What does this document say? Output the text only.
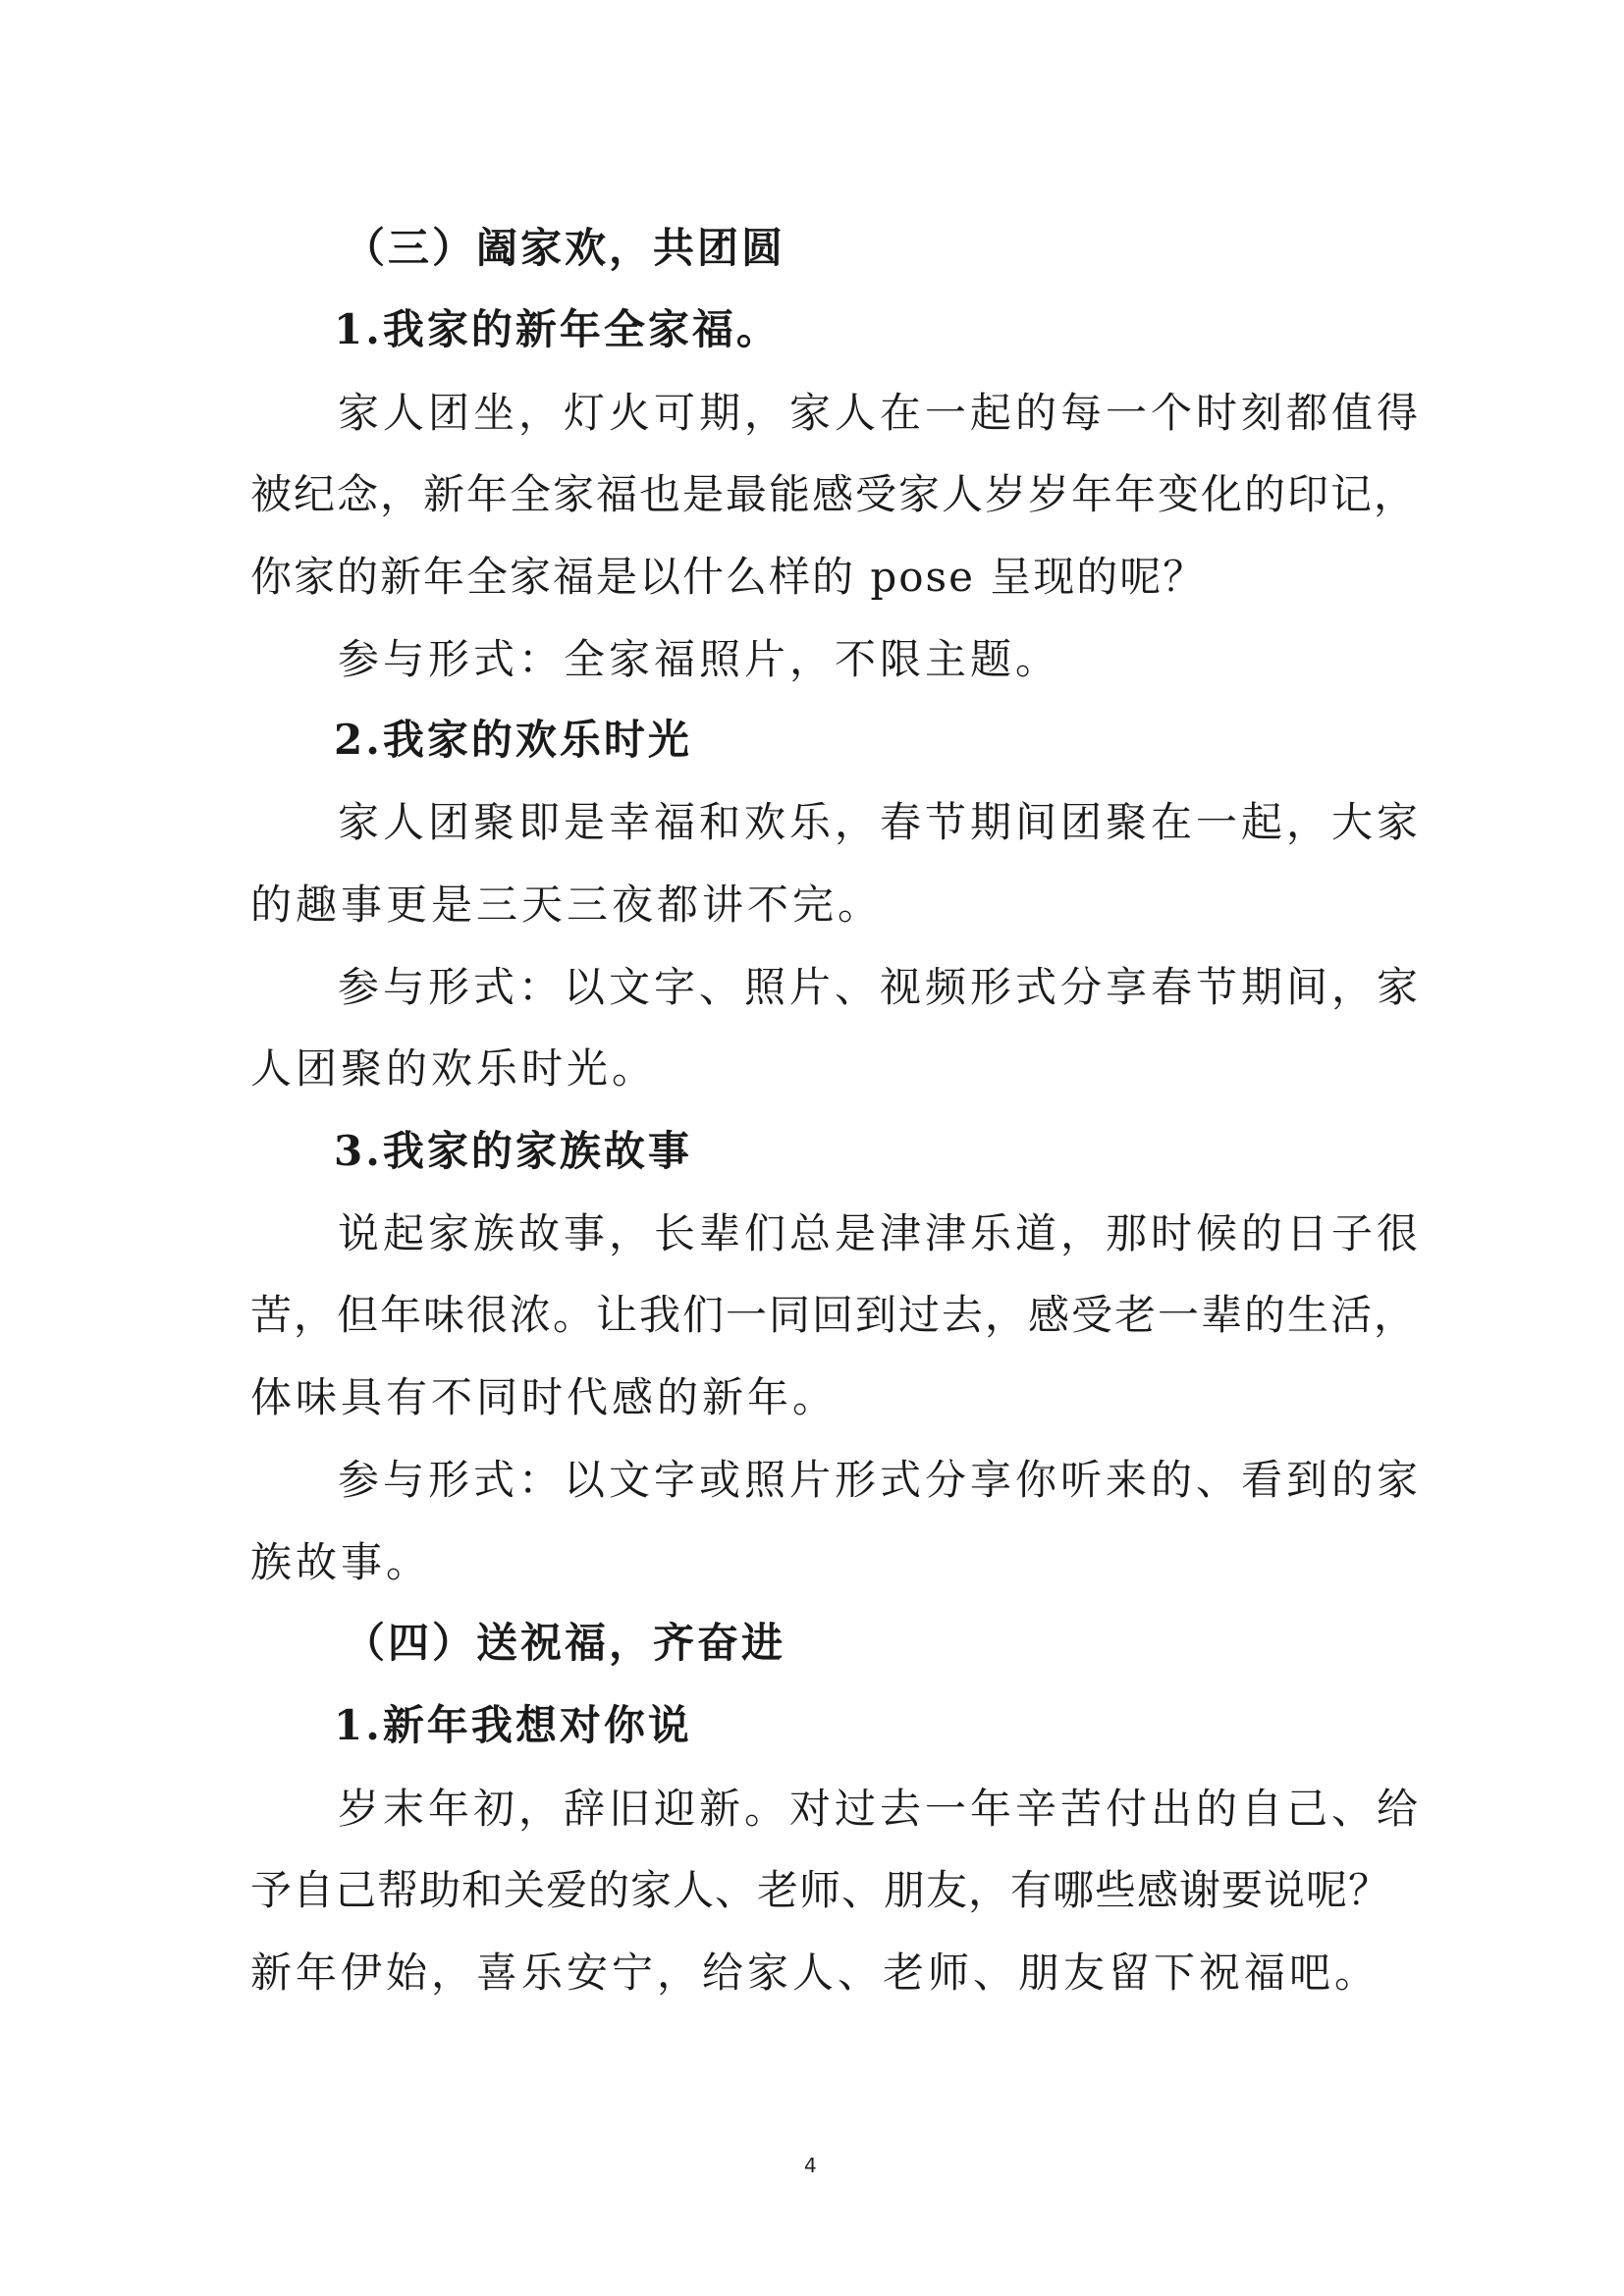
（三）阖家欢，共团圆
1.我家的新年全家福。
家人团坐，灯火可期，家人在一起的每一个时刻都值得
被纪念，新年全家福也是最能感受家人岁岁年年变化的印记，
你家的新年全家福是以什么样的 pose 呈现的呢？
参与形式：全家福照片，不限主题。
2.我家的欢乐时光
家人团聚即是幸福和欢乐，春节期间团聚在一起，大家
的趣事更是三天三夜都讲不完。
参与形式：以文字、照片、视频形式分享春节期间，家
人团聚的欢乐时光。
3.我家的家族故事
说起家族故事，长辈们总是津津乐道，那时候的日子很
苦，但年味很浓。让我们一同回到过去，感受老一辈的生活，
体味具有不同时代感的新年。
参与形式：以文字或照片形式分享你听来的、看到的家
族故事。
（四）送祝福，齐奋进
1.新年我想对你说
岁末年初，辞旧迎新。对过去一年辛苦付出的自己、给
予自己帮助和关爱的家人、老师、朋友，有哪些感谢要说呢？
新年伊始，喜乐安宁，给家人、老师、朋友留下祝福吧。
4
